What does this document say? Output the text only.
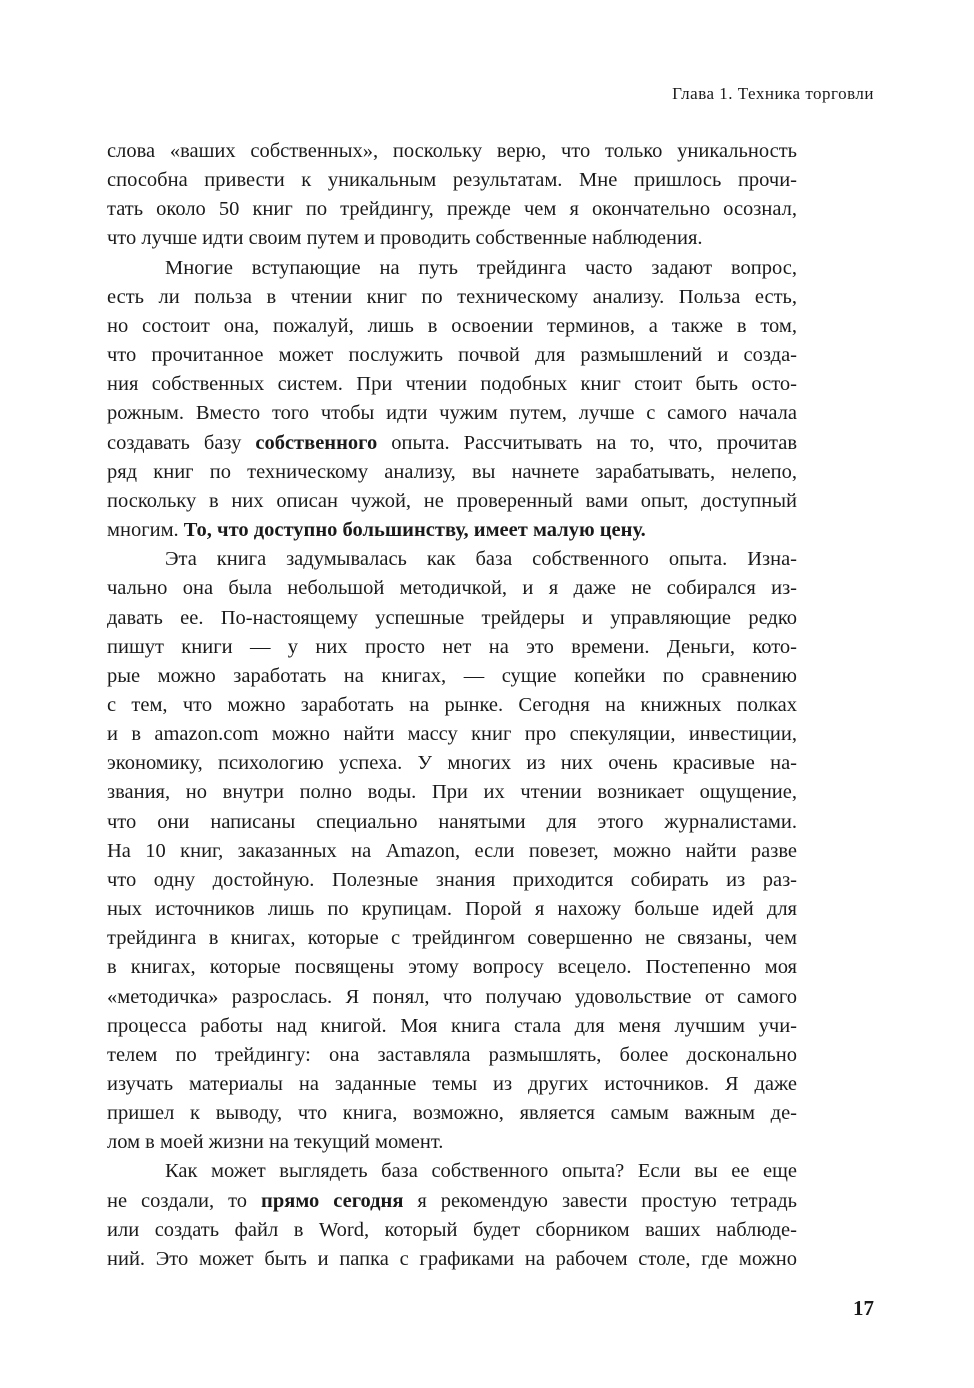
Глава 1. Техника торговли
слова «ваших собственных», поскольку верю, что только уникальность
способна привести к уникальным результатам. Мне пришлось прочи-
тать около 50 книг по трейдингу, прежде чем я окончательно осознал,
что лучше идти своим путем и проводить собственные наблюдения.
Многие вступающие на путь трейдинга часто задают вопрос,
есть ли польза в чтении книг по техническому анализу. Польза есть,
но состоит она, пожалуй, лишь в освоении терминов, а также в том,
что прочитанное может послужить почвой для размышлений и созда-
ния собственных систем. При чтении подобных книг стоит быть осто-
рожным. Вместо того чтобы идти чужим путем, лучше с самого начала
создавать базу собственного опыта. Рассчитывать на то, что, прочитав
ряд книг по техническому анализу, вы начнете зарабатывать, нелепо,
поскольку в них описан чужой, не проверенный вами опыт, доступный
многим. То, что доступно большинству, имеет малую цену.
Эта книга задумывалась как база собственного опыта. Изна-
чально она была небольшой методичкой, и я даже не собирался из-
давать ее. По-настоящему успешные трейдеры и управляющие редко
пишут книги — у них просто нет на это времени. Деньги, кото-
рые можно заработать на книгах, — сущие копейки по сравнению
с тем, что можно заработать на рынке. Сегодня на книжных полках
и в amazon.com можно найти массу книг про спекуляции, инвестиции,
экономику, психологию успеха. У многих из них очень красивые на-
звания, но внутри полно воды. При их чтении возникает ощущение,
что они написаны специально нанятыми для этого журналистами.
На 10 книг, заказанных на Amazon, если повезет, можно найти разве
что одну достойную. Полезные знания приходится собирать из раз-
ных источников лишь по крупицам. Порой я нахожу больше идей для
трейдинга в книгах, которые с трейдингом совершенно не связаны, чем
в книгах, которые посвящены этому вопросу всецело. Постепенно моя
«методичка» разрослась. Я понял, что получаю удовольствие от самого
процесса работы над книгой. Моя книга стала для меня лучшим учи-
телем по трейдингу: она заставляла размышлять, более досконально
изучать материалы на заданные темы из других источников. Я даже
пришел к выводу, что книга, возможно, является самым важным де-
лом в моей жизни на текущий момент.
Как может выглядеть база собственного опыта? Если вы ее еще
не создали, то прямо сегодня я рекомендую завести простую тетрадь
или создать файл в Word, который будет сборником ваших наблюде-
ний. Это может быть и папка с графиками на рабочем столе, где можно
17
